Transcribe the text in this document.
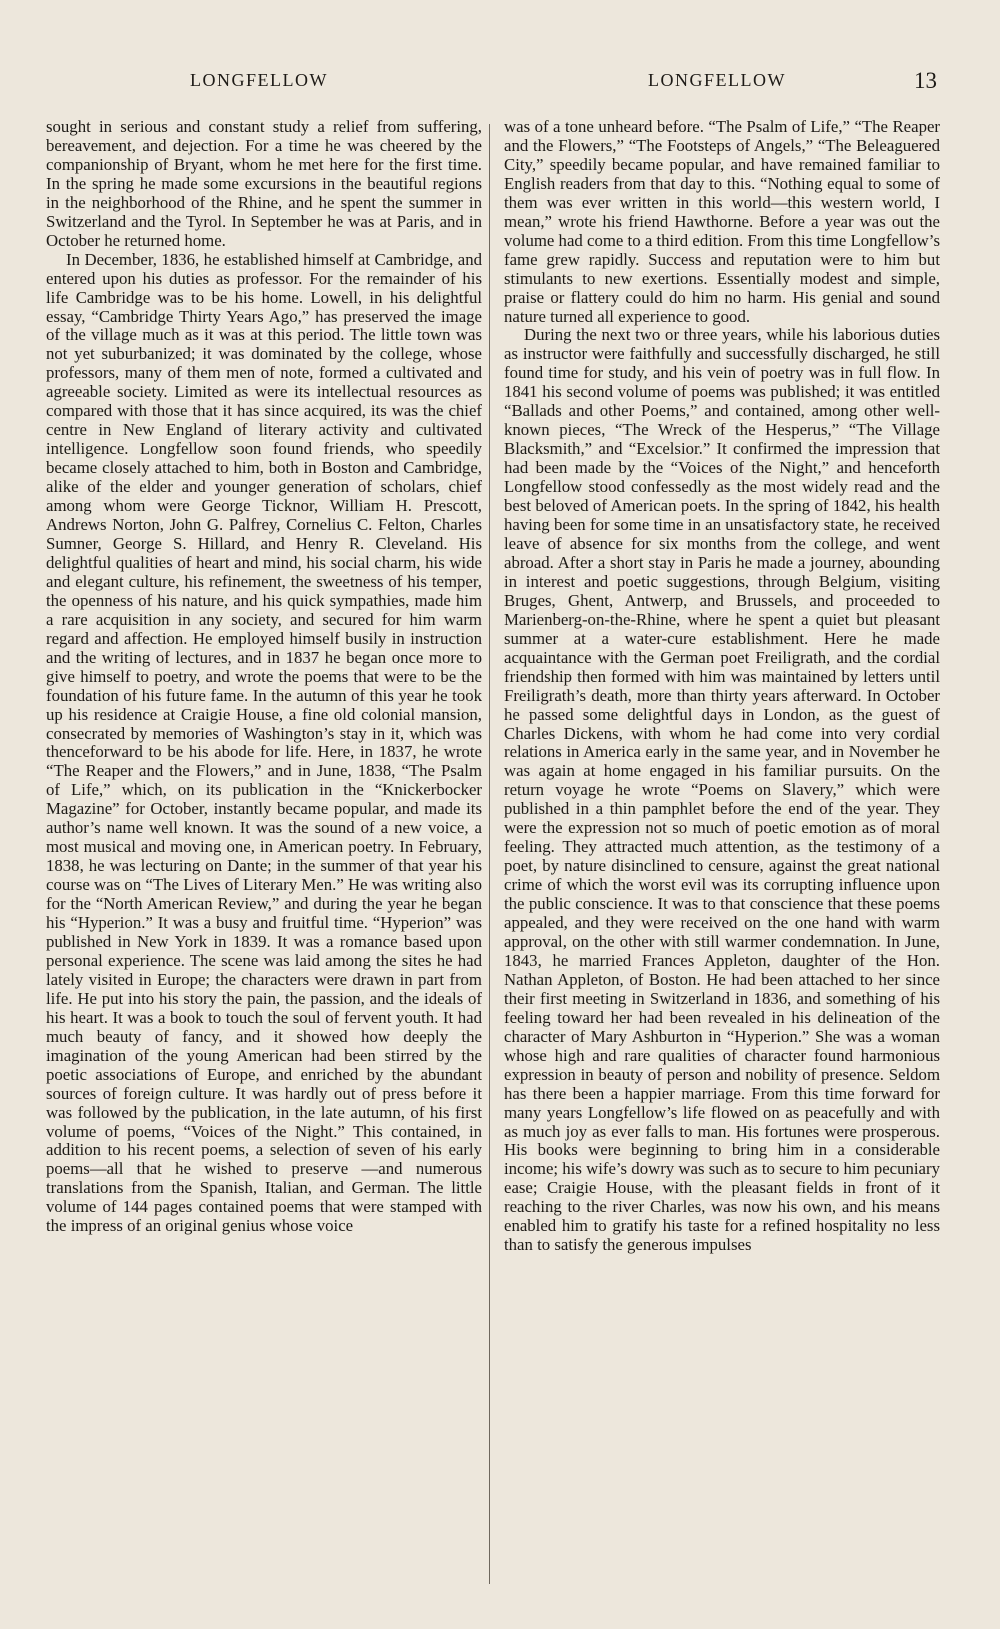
LONGFELLOW	LONGFELLOW	13

sought in serious and constant study a relief from suffering, bereavement, and dejection. For a time he was cheered by the companionship of Bryant, whom he met here for the first time. In the spring he made some excursions in the beautiful regions in the neighborhood of the Rhine, and he spent the summer in Switzerland and the Tyrol. In September he was at Paris, and in October he returned home.

In December, 1836, he established himself at Cambridge, and entered upon his duties as professor. For the remainder of his life Cambridge was to be his home. Lowell, in his delightful essay, “Cambridge Thirty Years Ago,” has preserved the image of the village much as it was at this period. The little town was not yet suburbanized; it was dominated by the college, whose professors, many of them men of note, formed a cultivated and agreeable society. Limited as were its intellectual resources as compared with those that it has since acquired, its was the chief centre in New England of literary activity and cultivated intelligence. Longfellow soon found friends, who speedily became closely attached to him, both in Boston and Cambridge, alike of the elder and younger generation of scholars, chief among whom were George Ticknor, William H. Prescott, Andrews Norton, John G. Palfrey, Cornelius C. Felton, Charles Sumner, George S. Hillard, and Henry R. Cleveland. His delightful qualities of heart and mind, his social charm, his wide and elegant culture, his refinement, the sweetness of his temper, the openness of his nature, and his quick sympathies, made him a rare acquisition in any society, and secured for him warm regard and affection. He employed himself busily in instruction and the writing of lectures, and in 1837 he began once more to give himself to poetry, and wrote the poems that were to be the foundation of his future fame. In the autumn of this year he took up his residence at Craigie House, a fine old colonial mansion, consecrated by memories of Washington’s stay in it, which was thenceforward to be his abode for life. Here, in 1837, he wrote “The Reaper and the Flowers,” and in June, 1838, “The Psalm of Life,” which, on its publication in the “Knickerbocker Magazine” for October, instantly became popular, and made its author’s name well known. It was the sound of a new voice, a most musical and moving one, in American poetry. In February, 1838, he was lecturing on Dante; in the summer of that year his course was on “The Lives of Literary Men.” He was writing also for the “North American Review,” and during the year he began his “Hyperion.” It was a busy and fruitful time. “Hyperion” was published in New York in 1839. It was a romance based upon personal experience. The scene was laid among the sites he had lately visited in Europe; the characters were drawn in part from life. He put into his story the pain, the passion, and the ideals of his heart. It was a book to touch the soul of fervent youth. It had much beauty of fancy, and it showed how deeply the imagination of the young American had been stirred by the poetic associations of Europe, and enriched by the abundant sources of foreign culture. It was hardly out of press before it was followed by the publication, in the late autumn, of his first volume of poems, “Voices of the Night.” This contained, in addition to his recent poems, a selection of seven of his early poems—all that he wished to preserve —and numerous translations from the Spanish, Italian, and German. The little volume of 144 pages contained poems that were stamped with the impress of an original genius whose voice

was of a tone unheard before. “The Psalm of Life,” “The Reaper and the Flowers,” “The Footsteps of Angels,” “The Beleaguered City,” speedily became popular, and have remained familiar to English readers from that day to this. “Nothing equal to some of them was ever written in this world—this western world, I mean,” wrote his friend Hawthorne. Before a year was out the volume had come to a third edition. From this time Longfellow’s fame grew rapidly. Success and reputation were to him but stimulants to new exertions. Essentially modest and simple, praise or flattery could do him no harm. His genial and sound nature turned all experience to good.

During the next two or three years, while his laborious duties as instructor were faithfully and successfully discharged, he still found time for study, and his vein of poetry was in full flow. In 1841 his second volume of poems was published; it was entitled “Ballads and other Poems,” and contained, among other well-known pieces, “The Wreck of the Hesperus,” “The Village Blacksmith,” and “Excelsior.” It confirmed the impression that had been made by the “Voices of the Night,” and henceforth Longfellow stood confessedly as the most widely read and the best beloved of American poets. In the spring of 1842, his health having been for some time in an unsatisfactory state, he received leave of absence for six months from the college, and went abroad. After a short stay in Paris he made a journey, abounding in interest and poetic suggestions, through Belgium, visiting Bruges, Ghent, Antwerp, and Brussels, and proceeded to Marienberg-on-the-Rhine, where he spent a quiet but pleasant summer at a water-cure establishment. Here he made acquaintance with the German poet Freiligrath, and the cordial friendship then formed with him was maintained by letters until Freiligrath’s death, more than thirty years afterward. In October he passed some delightful days in London, as the guest of Charles Dickens, with whom he had come into very cordial relations in America early in the same year, and in November he was again at home engaged in his familiar pursuits. On the return voyage he wrote “Poems on Slavery,” which were published in a thin pamphlet before the end of the year. They were the expression not so much of poetic emotion as of moral feeling. They attracted much attention, as the testimony of a poet, by nature disinclined to censure, against the great national crime of which the worst evil was its corrupting influence upon the public conscience. It was to that conscience that these poems appealed, and they were received on the one hand with warm approval, on the other with still warmer condemnation. In June, 1843, he married Frances Appleton, daughter of the Hon. Nathan Appleton, of Boston. He had been attached to her since their first meeting in Switzerland in 1836, and something of his feeling toward her had been revealed in his delineation of the character of Mary Ashburton in “Hyperion.” She was a woman whose high and rare qualities of character found harmonious expression in beauty of person and nobility of presence. Seldom has there been a happier marriage. From this time forward for many years Longfellow’s life flowed on as peacefully and with as much joy as ever falls to man. His fortunes were prosperous. His books were beginning to bring him in a considerable income; his wife’s dowry was such as to secure to him pecuniary ease; Craigie House, with the pleasant fields in front of it reaching to the river Charles, was now his own, and his means enabled him to gratify his taste for a refined hospitality no less than to satisfy the generous impulses
